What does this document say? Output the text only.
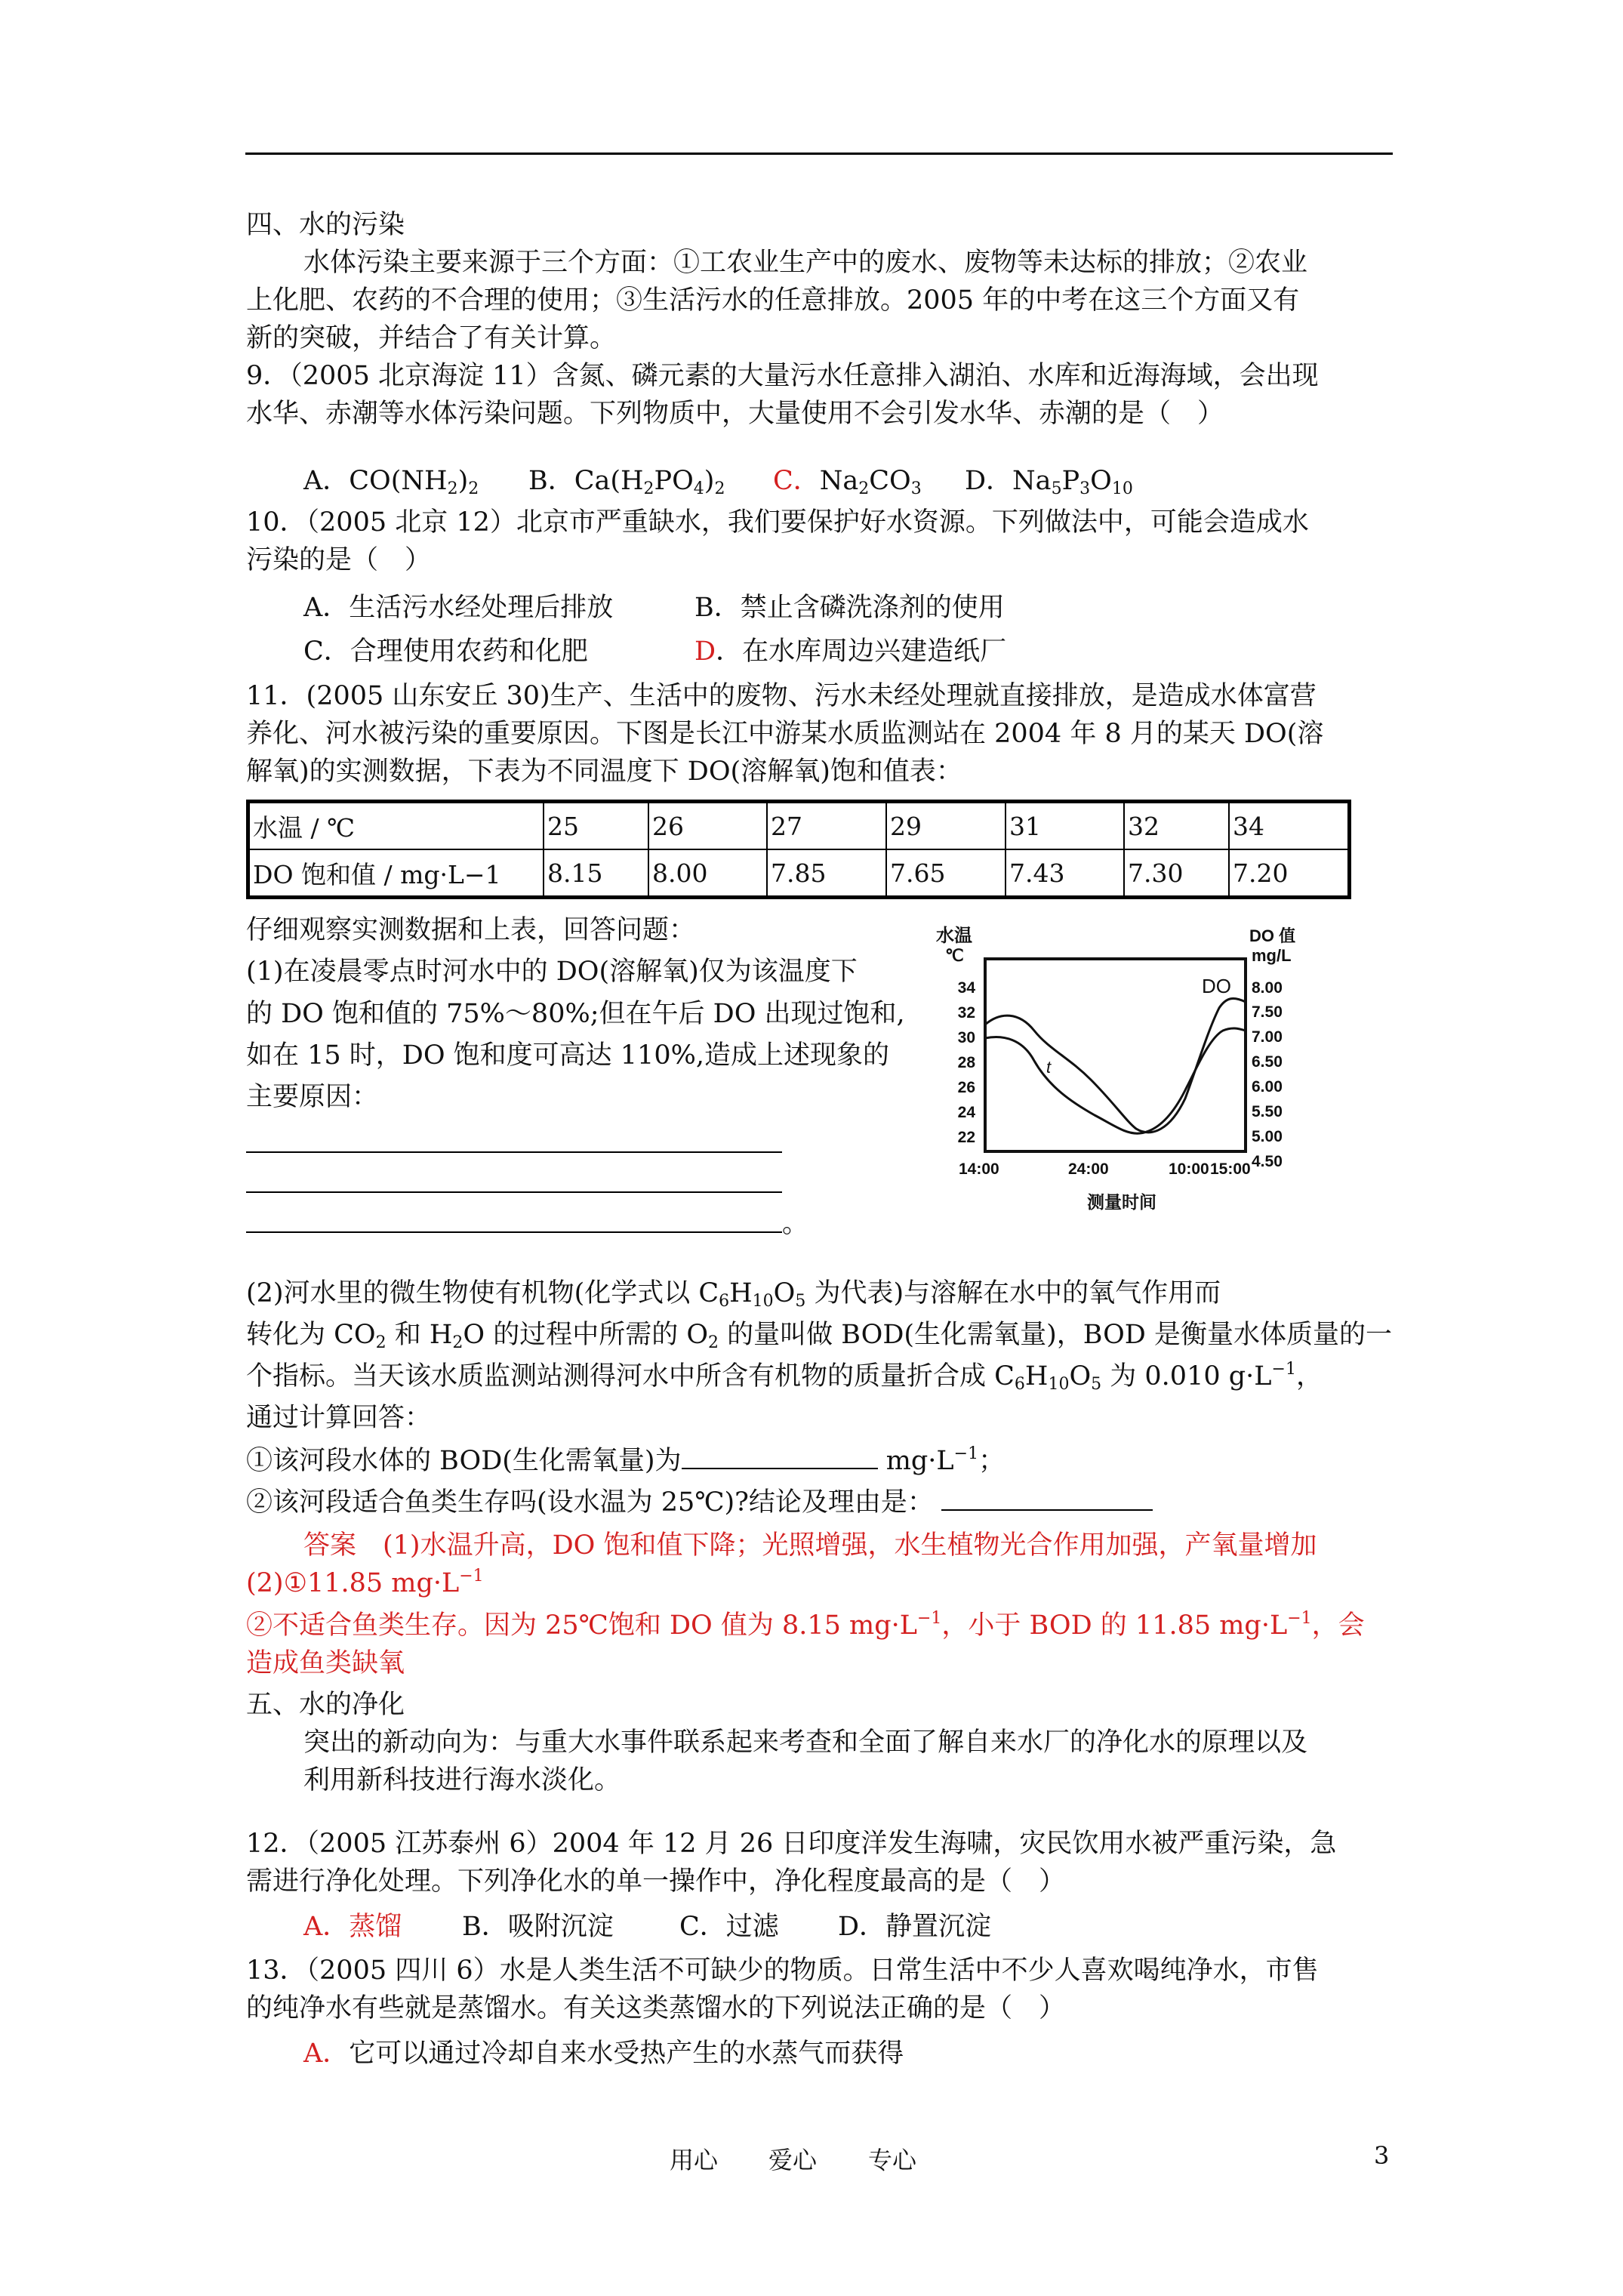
四、水的污染
水体污染主要来源于三个方面：①工农业生产中的废水、废物等未达标的排放；②农业
上化肥、农药的不合理的使用；③生活污水的任意排放。2005 年的中考在这三个方面又有
新的突破，并结合了有关计算。
9．（2005 北京海淀 11）含氮、磷元素的大量污水任意排入湖泊、水库和近海海域，会出现
水华、赤潮等水体污染问题。下列物质中，大量使用不会引发水华、赤潮的是（　）
A．$CO(NH_2)_2$ B．$Ca(H_2PO_4)_2$ C．$Na_2CO_3$ D．$Na_5P_3O_{10}$
10．（2005 北京 12）北京市严重缺水，我们要保护好水资源。下列做法中，可能会造成水
污染的是（　）
A．生活污水经处理后排放	B．禁止含磷洗涤剂的使用
C．合理使用农药和化肥	D．在水库周边兴建造纸厂
11．(2005 山东安丘 30)生产、生活中的废物、污水未经处理就直接排放，是造成水体富营
养化、河水被污染的重要原因。下图是长江中游某水质监测站在 2004 年 8 月的某天 DO(溶
解氧)的实测数据，下表为不同温度下 DO(溶解氧)饱和值表：
水温 / ℃	25	26	27	29	31	32	34
DO 饱和值 / mg·L−1	8.15	8.00	7.85	7.65	7.43	7.30	7.20
仔细观察实测数据和上表，回答问题：
(1)在凌晨零点时河水中的 DO(溶解氧)仅为该温度下
的 DO 饱和值的 75%～80%;但在午后 DO 出现过饱和,
如在 15 时，DO 饱和度可高达 110%,造成上述现象的
主要原因：
。
水温
℃
DO 值
mg/L
34
32
30
28
26
24
22
8.00
7.50
7.00
6.50
6.00
5.50
5.00
4.50
14:00	24:00	10:00 15:00
测量时间
DO
t
(2)河水里的微生物使有机物(化学式以 $C_6H_{10}O_5$ 为代表)与溶解在水中的氧气作用而
转化为 $CO_2$ 和 $H_2O$ 的过程中所需的 $O_2$ 的量叫做 BOD(生化需氧量)，BOD 是衡量水体质量的一
个指标。当天该水质监测站测得河水中所含有机物的质量折合成 $C_6H_{10}O_5$ 为 0.010 $g\cdot L^{-1}$，
通过计算回答：
①该河段水体的 BOD(生化需氧量)为	$mg\cdot L^{-1}$；
②该河段适合鱼类生存吗(设水温为 25℃)?结论及理由是：
答案　(1)水温升高，DO 饱和值下降；光照增强，水生植物光合作用加强，产氧量增加
(2)①11.85 $mg\cdot L^{-1}$
②不适合鱼类生存。因为 25℃饱和 DO 值为 8.15 $mg\cdot L^{-1}$，小于 BOD 的 11.85 $mg\cdot L^{-1}$，会
造成鱼类缺氧
五、水的净化
突出的新动向为：与重大水事件联系起来考查和全面了解自来水厂的净化水的原理以及
利用新科技进行海水淡化。
12．（2005 江苏泰州 6）2004 年 12 月 26 日印度洋发生海啸，灾民饮用水被严重污染，急
需进行净化处理。下列净化水的单一操作中，净化程度最高的是（　）
A．蒸馏 B．吸附沉淀 C．过滤 D．静置沉淀
13．（2005 四川 6）水是人类生活不可缺少的物质。日常生活中不少人喜欢喝纯净水，市售
的纯净水有些就是蒸馏水。有关这类蒸馏水的下列说法正确的是（　）
A．它可以通过冷却自来水受热产生的水蒸气而获得
用心 爱心 专心	3
